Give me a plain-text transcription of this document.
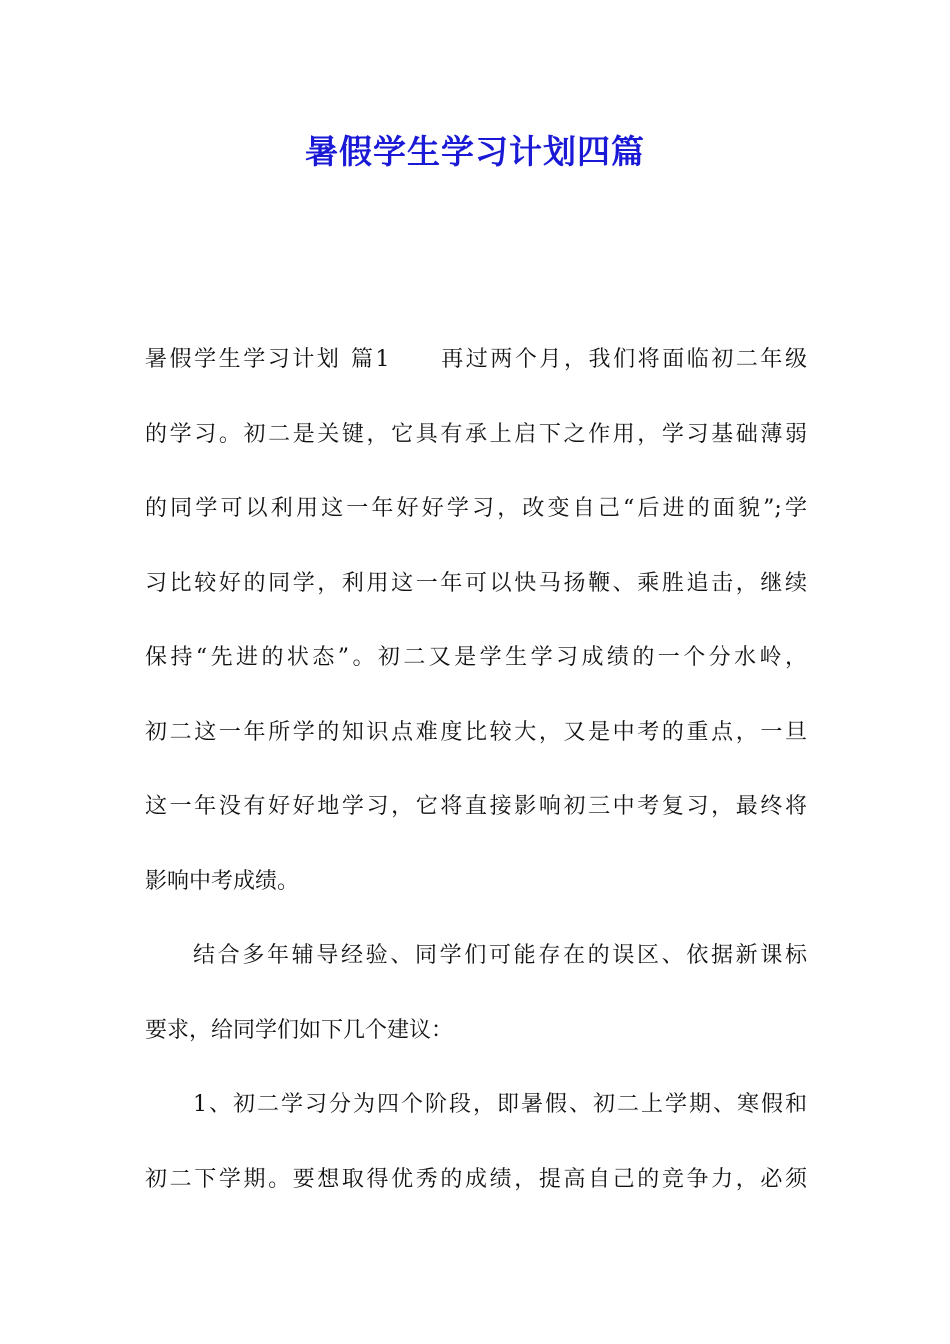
暑假学生学习计划四篇
暑假学生学习计划 篇1　　再过两个月，我们将面临初二年级
的学习。初二是关键，它具有承上启下之作用，学习基础薄弱
的同学可以利用这一年好好学习，改变自己“后进的面貌”;学
习比较好的同学，利用这一年可以快马扬鞭、乘胜追击，继续
保持“先进的状态”。初二又是学生学习成绩的一个分水岭，
初二这一年所学的知识点难度比较大，又是中考的重点，一旦
这一年没有好好地学习，它将直接影响初三中考复习，最终将
影响中考成绩。
结合多年辅导经验、同学们可能存在的误区、依据新课标
要求，给同学们如下几个建议：
1、初二学习分为四个阶段，即暑假、初二上学期、寒假和
初二下学期。要想取得优秀的成绩，提高自己的竞争力，必须
